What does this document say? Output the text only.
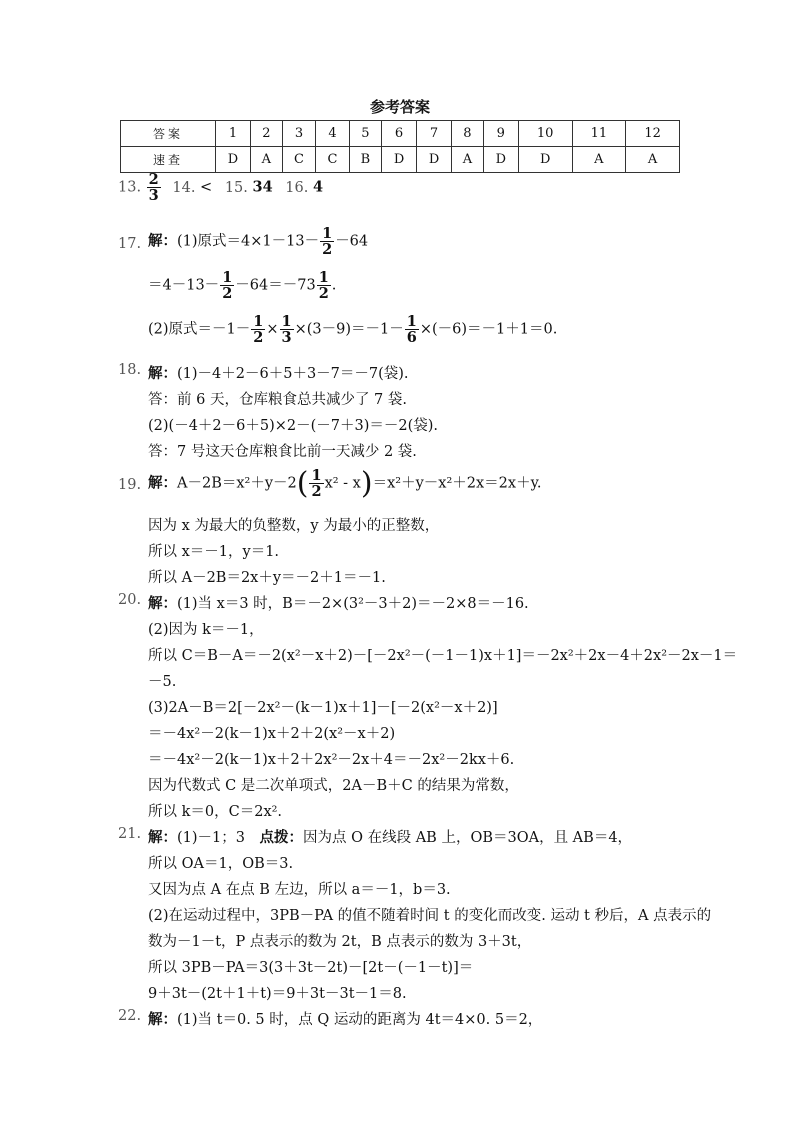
参考答案
答案	1	2	3	4	5	6	7	8	9	10	11	12
速查	D	A	C	C	B	D	D	A	D	D	A	A
13. $\frac{2}{3} 14$. < 15. 34 16. 4
17. 解：(1)原式$=4\times 1-13- \frac{1}{2} -64$
$=4-13- \frac{1}{2} -64=-73 \frac{1}{2}$ .
(2)原式$=-1- \frac{1}{2} \times \frac{1}{3} \times(3-9)=-1- \frac{1}{6} \times(-6)=-1+1=0$.
18. 解：(1)－4＋2－6＋5＋3－7＝－7(袋).
答：前 6 天，仓库粮食总共减少了 7 袋.
(2)(－4＋2－6＋5)×2－(－7＋3)＝－2(袋).
答：7 号这天仓库粮食比前一天减少 2 袋.
19. 解：$A-2B=x^2+y-2( \frac{1}{2} x^2 - x)=x^2+y-x^2+2x=2x+y$.
因为 x 为最大的负整数，y 为最小的正整数，
所以 x＝－1，y＝1.
所以 A－2B＝2x＋y＝－2＋1＝－1.
20. 解：(1)当 x＝3 时，B＝－2×(3²－3＋2)＝－2×8＝－16.
(2)因为 k＝－1，
所以 C＝B－A＝－2(x²－x＋2)－[－2x²－(－1－1)x＋1]＝－2x²＋2x－4＋2x²－2x－1＝
－5.
(3)2A－B＝2[－2x²－(k－1)x＋1]－[－2(x²－x＋2)]
＝－4x²－2(k－1)x＋2＋2(x²－x＋2)
＝－4x²－2(k－1)x＋2＋2x²－2x＋4＝－2x²－2kx＋6.
因为代数式 C 是二次单项式，2A－B＋C 的结果为常数，
所以 k＝0，C＝2x².
21. 解：(1)－1；3　点拨：因为点 O 在线段 AB 上，OB＝3OA，且 AB＝4，
所以 OA＝1，OB＝3.
又因为点 A 在点 B 左边，所以 a＝－1，b＝3.
(2)在运动过程中，3PB－PA 的值不随着时间 t 的变化而改变. 运动 t 秒后，A 点表示的
数为－1－t，P 点表示的数为 2t，B 点表示的数为 3＋3t，
所以 3PB－PA＝3(3＋3t－2t)－[2t－(－1－t)]＝
9＋3t－(2t＋1＋t)＝9＋3t－3t－1＝8.
22. 解：(1)当 t＝0. 5 时，点 Q 运动的距离为 4t＝4×0. 5＝2，
